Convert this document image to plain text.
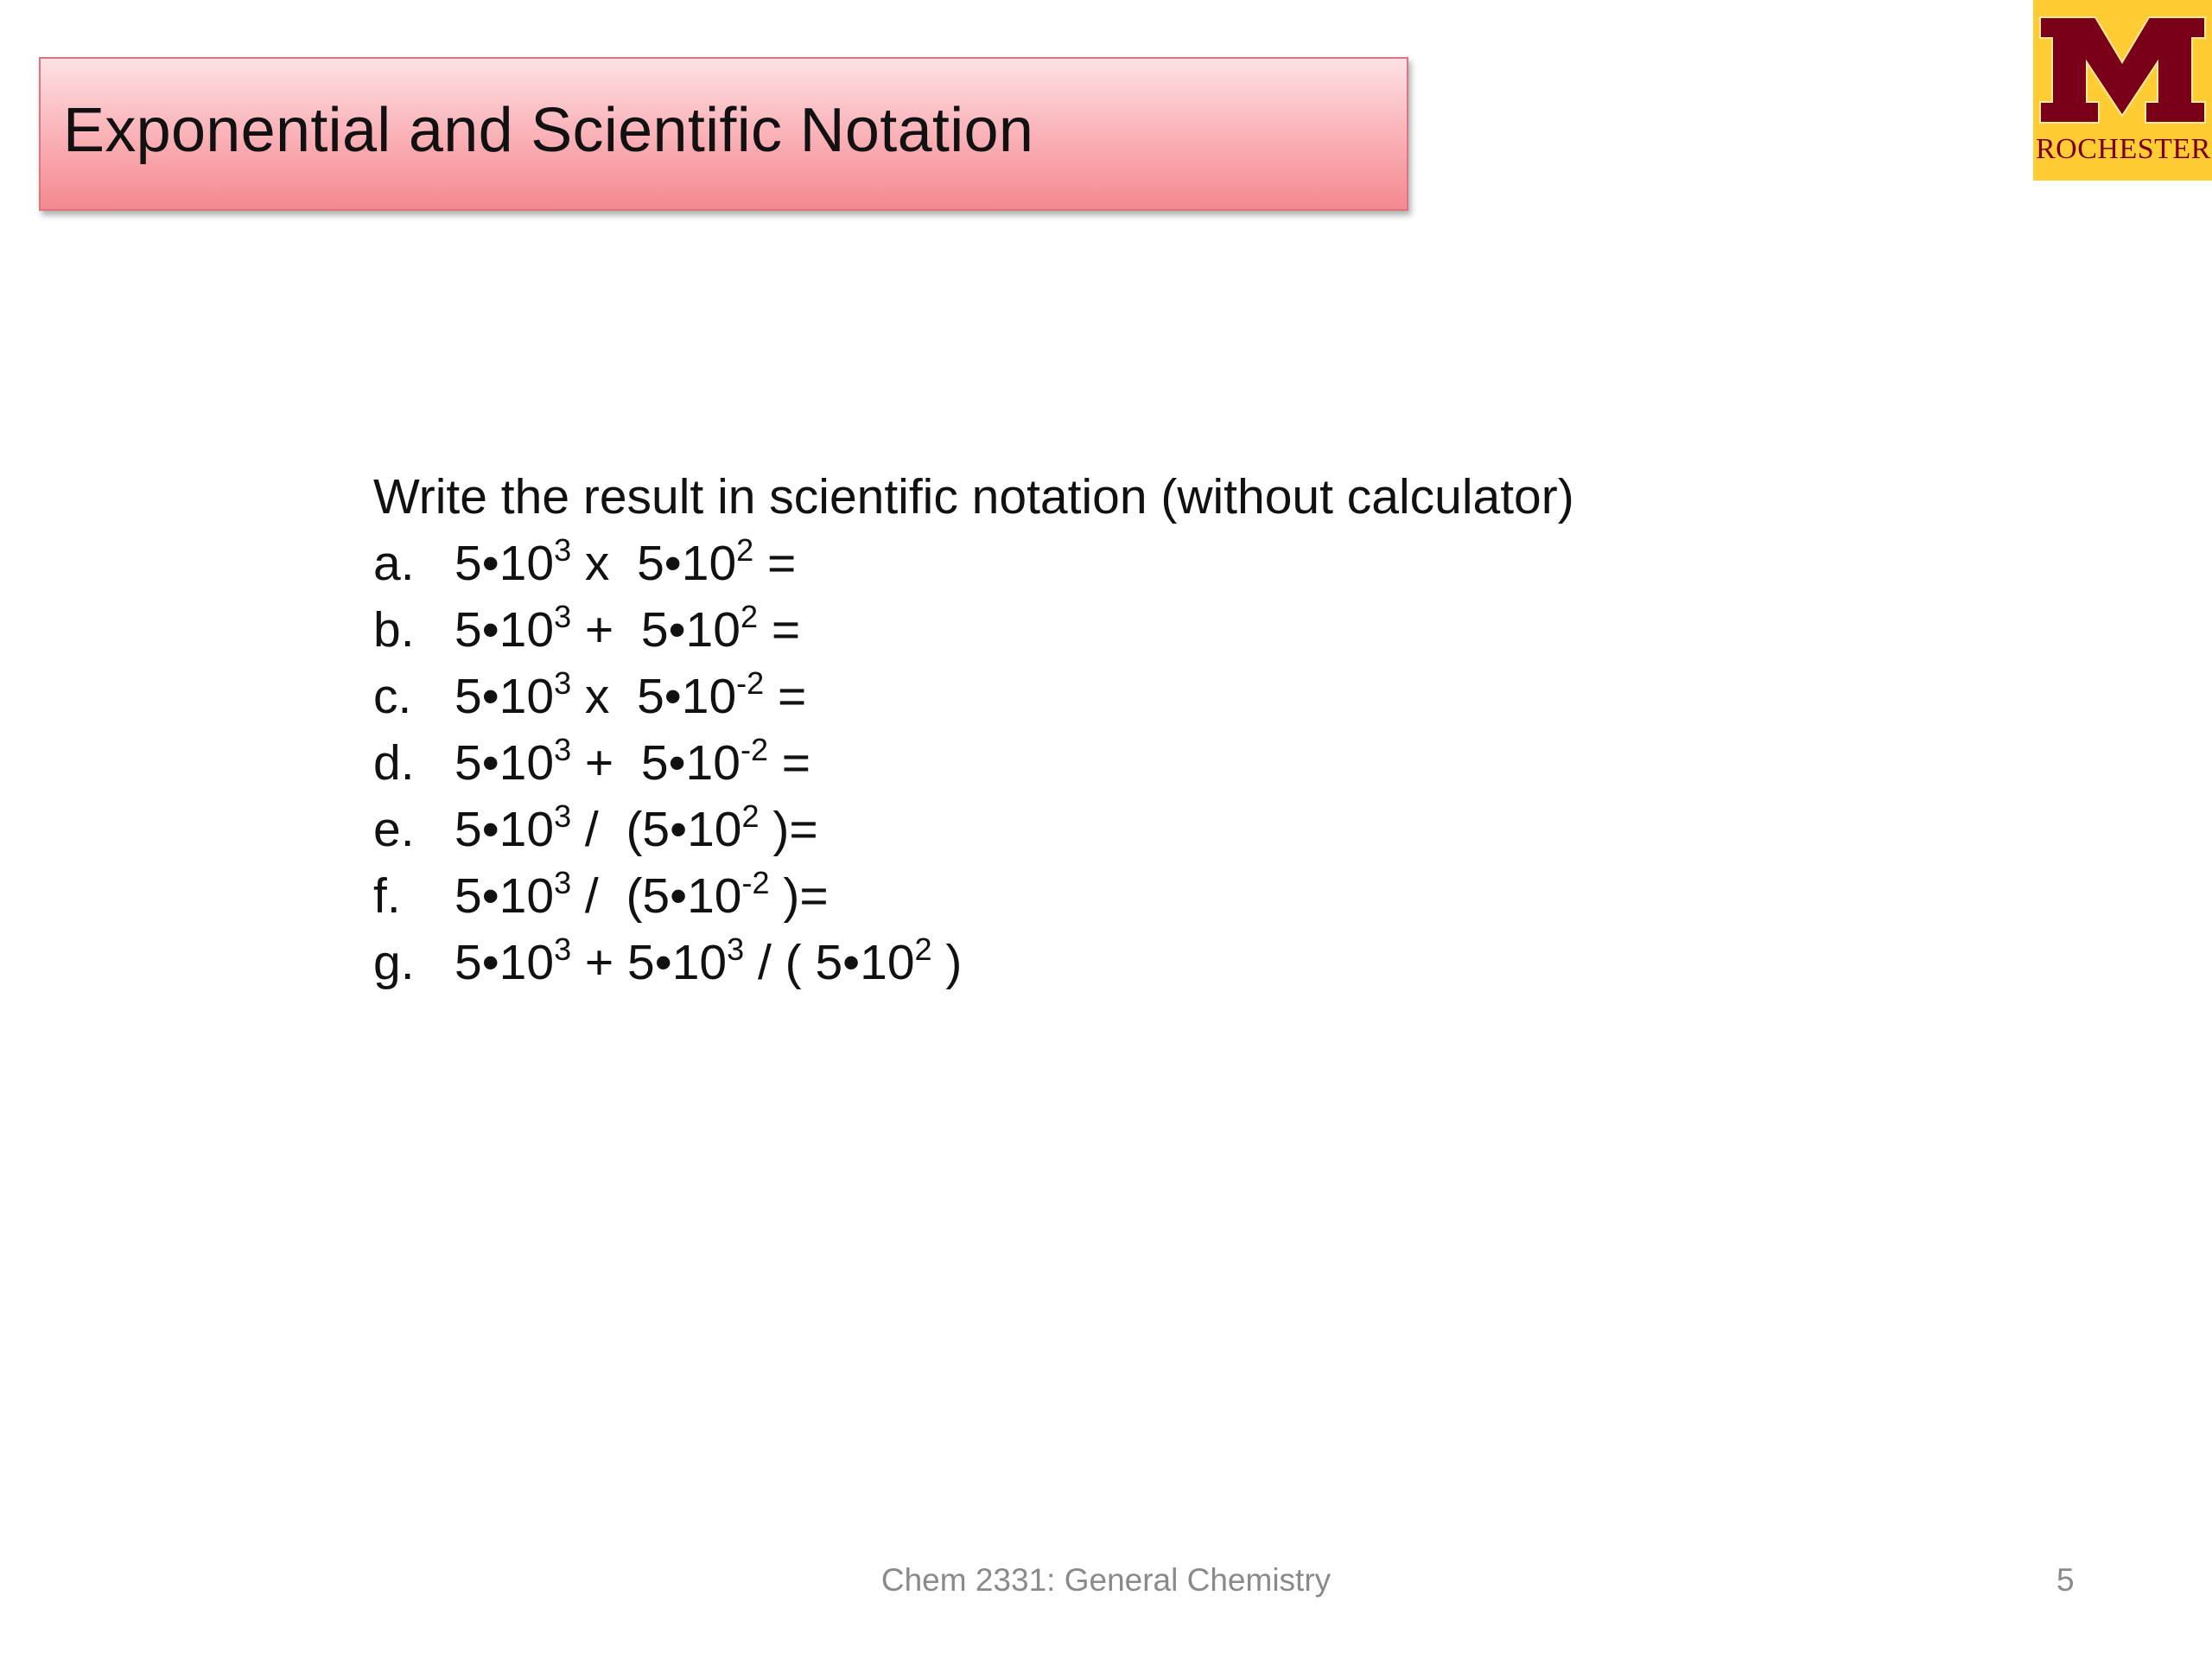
Exponential and Scientific Notation	ROCHESTER
Write the result in scientific notation (without calculator)
a. $5•10^3$ x  $5•10^2$ =
b. $5•10^3$ +  $5•10^2$ =
c. $5•10^3$ x  $5•10^{-2}$ =
d. $5•10^3$ +  $5•10^{-2}$ =
e. $5•10^3$ /  ($5•10^2$ )=
f. $5•10^3$ /  ($5•10^{-2}$ )=
g. $5•10^3$ + $5•10^3$ / ( $5•10^2$ )
Chem 2331: General Chemistry	5
